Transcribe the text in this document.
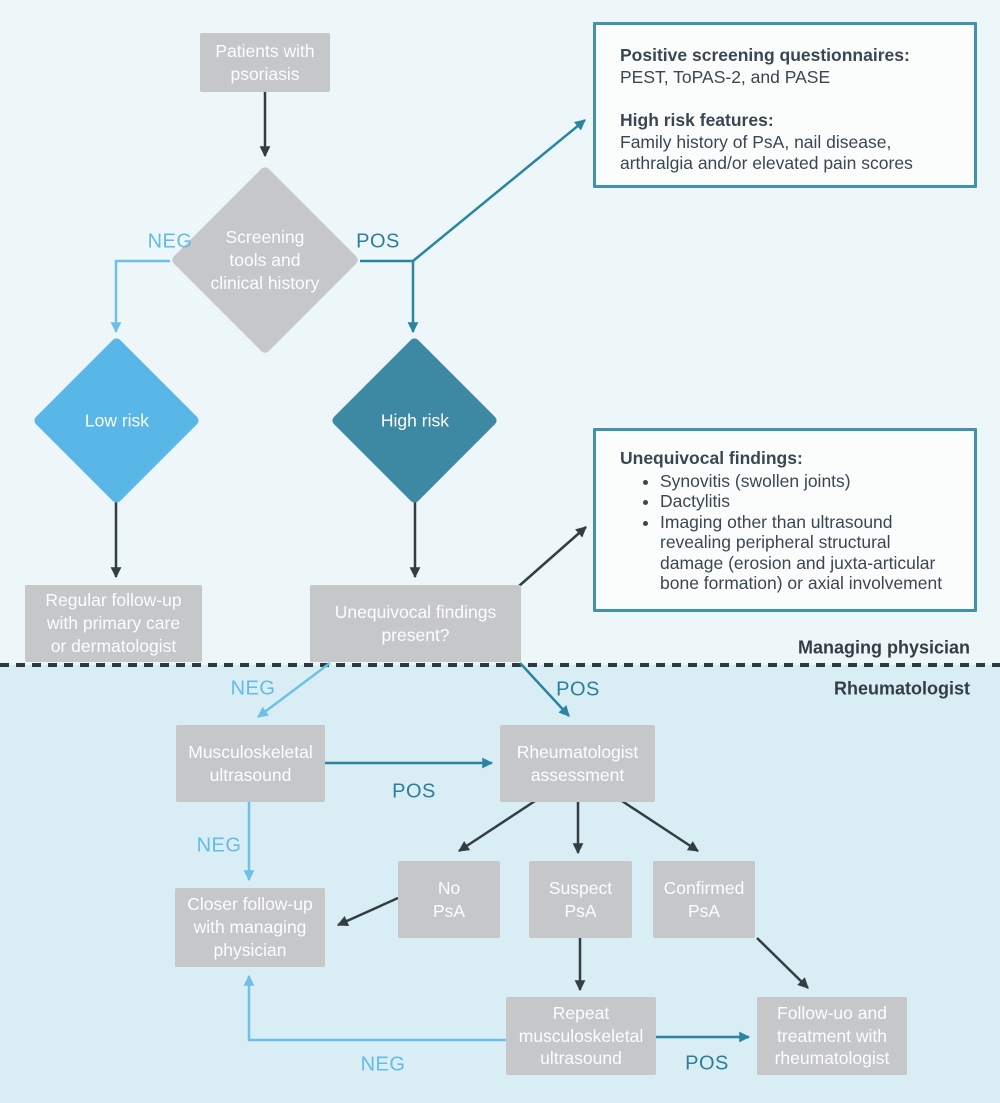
Patients with psoriasis
Screening tools and clinical history
Low risk	High risk
Regular follow-up with primary care or dermatologist
Unequivocal findings present?
Musculoskeletal ultrasound
Rheumatologist assessment
No PsA
Suspect PsA
Confirmed PsA
Closer follow-up with managing physician
Repeat musculoskeletal ultrasound
Follow-uo and treatment with rheumatologist

Positive screening questionnaires:

PEST, ToPAS-2, and PASE

High risk features:

Family history of PsA, nail disease, arthralgia and/or elevated pain scores

Unequivocal findings:

• Synovitis (swollen joints)
• Dactylitis
• Imaging other than ultrasound revealing peripheral structural damage (erosion and juxta-articular bone formation) or axial involvement
NEG	POS
NEG	POS
POS
NEG
NEG	POS
Managing physician
Rheumatologist
